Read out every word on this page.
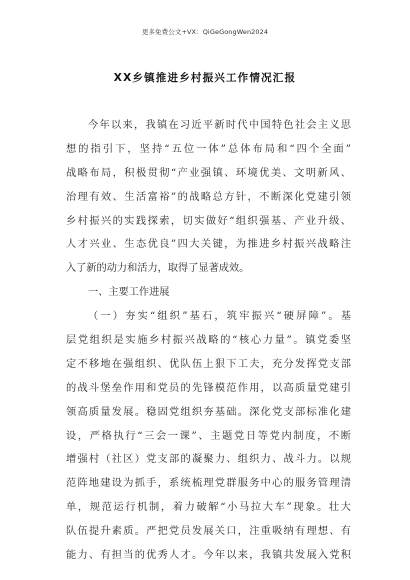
更多免费公文+VX：QiGeGongWen2024
XX乡镇推进乡村振兴工作情况汇报
今年以来，我镇在习近平新时代中国特色社会主义思
想的指引下，坚持“五位一体”总体布局和“四个全面”
战略布局，积极贯彻“产业强镇、环境优美、文明新风、
治理有效、生活富裕”的战略总方针，不断深化党建引领
乡村振兴的实践探索，切实做好“组织强基、产业升级、
人才兴业、生态优良”四大关键，为推进乡村振兴战略注
入了新的动力和活力，取得了显著成效。
一、主要工作进展
（一）夯实“组织”基石，筑牢振兴“硬屏障”。基
层党组织是实施乡村振兴战略的“核心力量”。镇党委坚
定不移地在强组织、优队伍上狠下工夫，充分发挥党支部
的战斗堡垒作用和党员的先锋模范作用，以高质量党建引
领高质量发展。稳固党组织夯基础。深化党支部标准化建
设，严格执行“三会一课”、主题党日等党内制度，不断
增强村（社区）党支部的凝聚力、组织力、战斗力。以规
范阵地建设为抓手，系统梳理党群服务中心的服务管理清
单，规范运行机制，着力破解“小马拉大车”现象。壮大
队伍提升素质。严把党员发展关口，注重吸纳有理想、有
能力、有担当的优秀人才。今年以来，我镇共发展入党积
